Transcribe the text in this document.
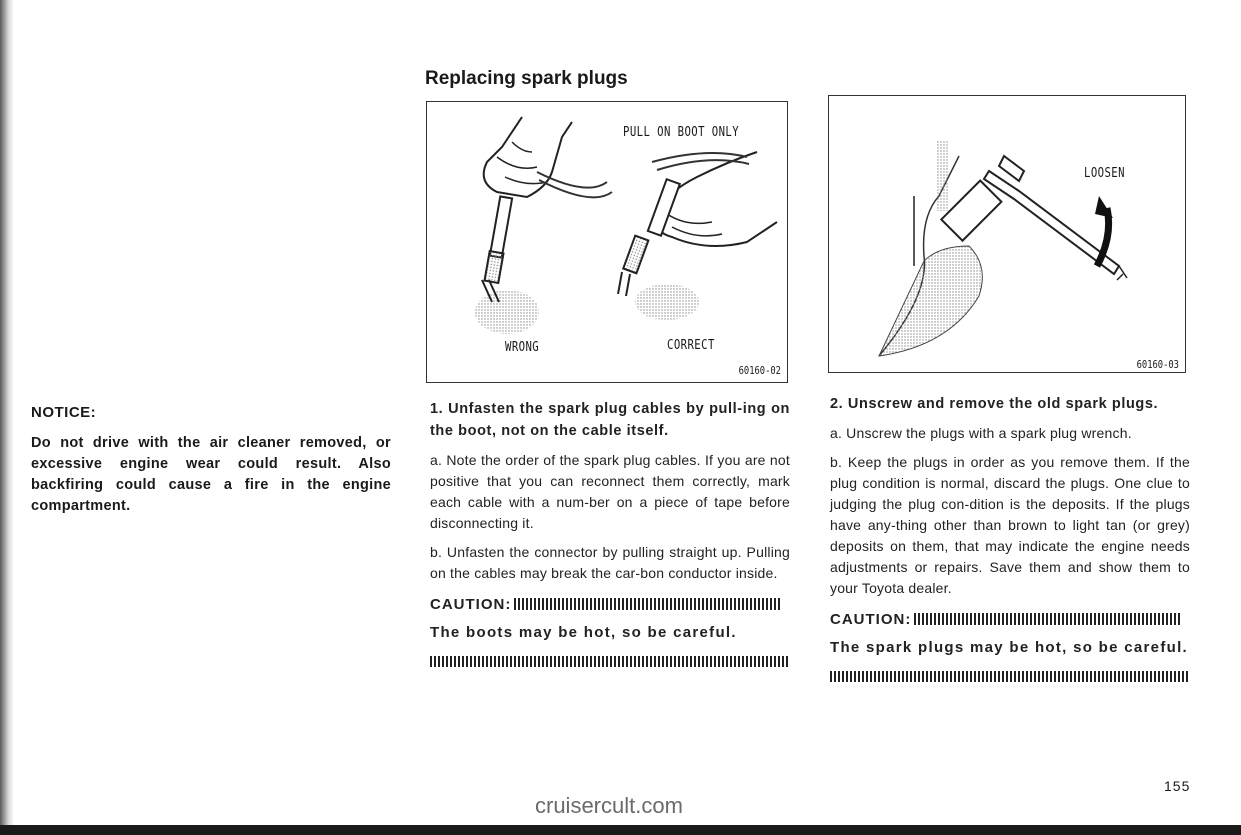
Replacing spark plugs
PULL ON BOOT ONLY
WRONG	CORRECT
60160-02
LOOSEN
60160-03
NOTICE:
Do not drive with the air cleaner removed, or excessive engine wear could result. Also backfiring could cause a fire in the engine compartment.
1. Unfasten the spark plug cables by pull-ing on the boot, not on the cable itself.
a. Note the order of the spark plug cables. If you are not positive that you can reconnect them correctly, mark each cable with a num-ber on a piece of tape before disconnecting it.
b. Unfasten the connector by pulling straight up. Pulling on the cables may break the car-bon conductor inside.
CAUTION:
The boots may be hot, so be careful.
2. Unscrew and remove the old spark plugs.
a. Unscrew the plugs with a spark plug wrench.
b. Keep the plugs in order as you remove them. If the plug condition is normal, discard the plugs. One clue to judging the plug con-dition is the deposits. If the plugs have any-thing other than brown to light tan (or grey) deposits on them, that may indicate the engine needs adjustments or repairs. Save them and show them to your Toyota dealer.
CAUTION:
The spark plugs may be hot, so be careful.
155
cruisercult.com
